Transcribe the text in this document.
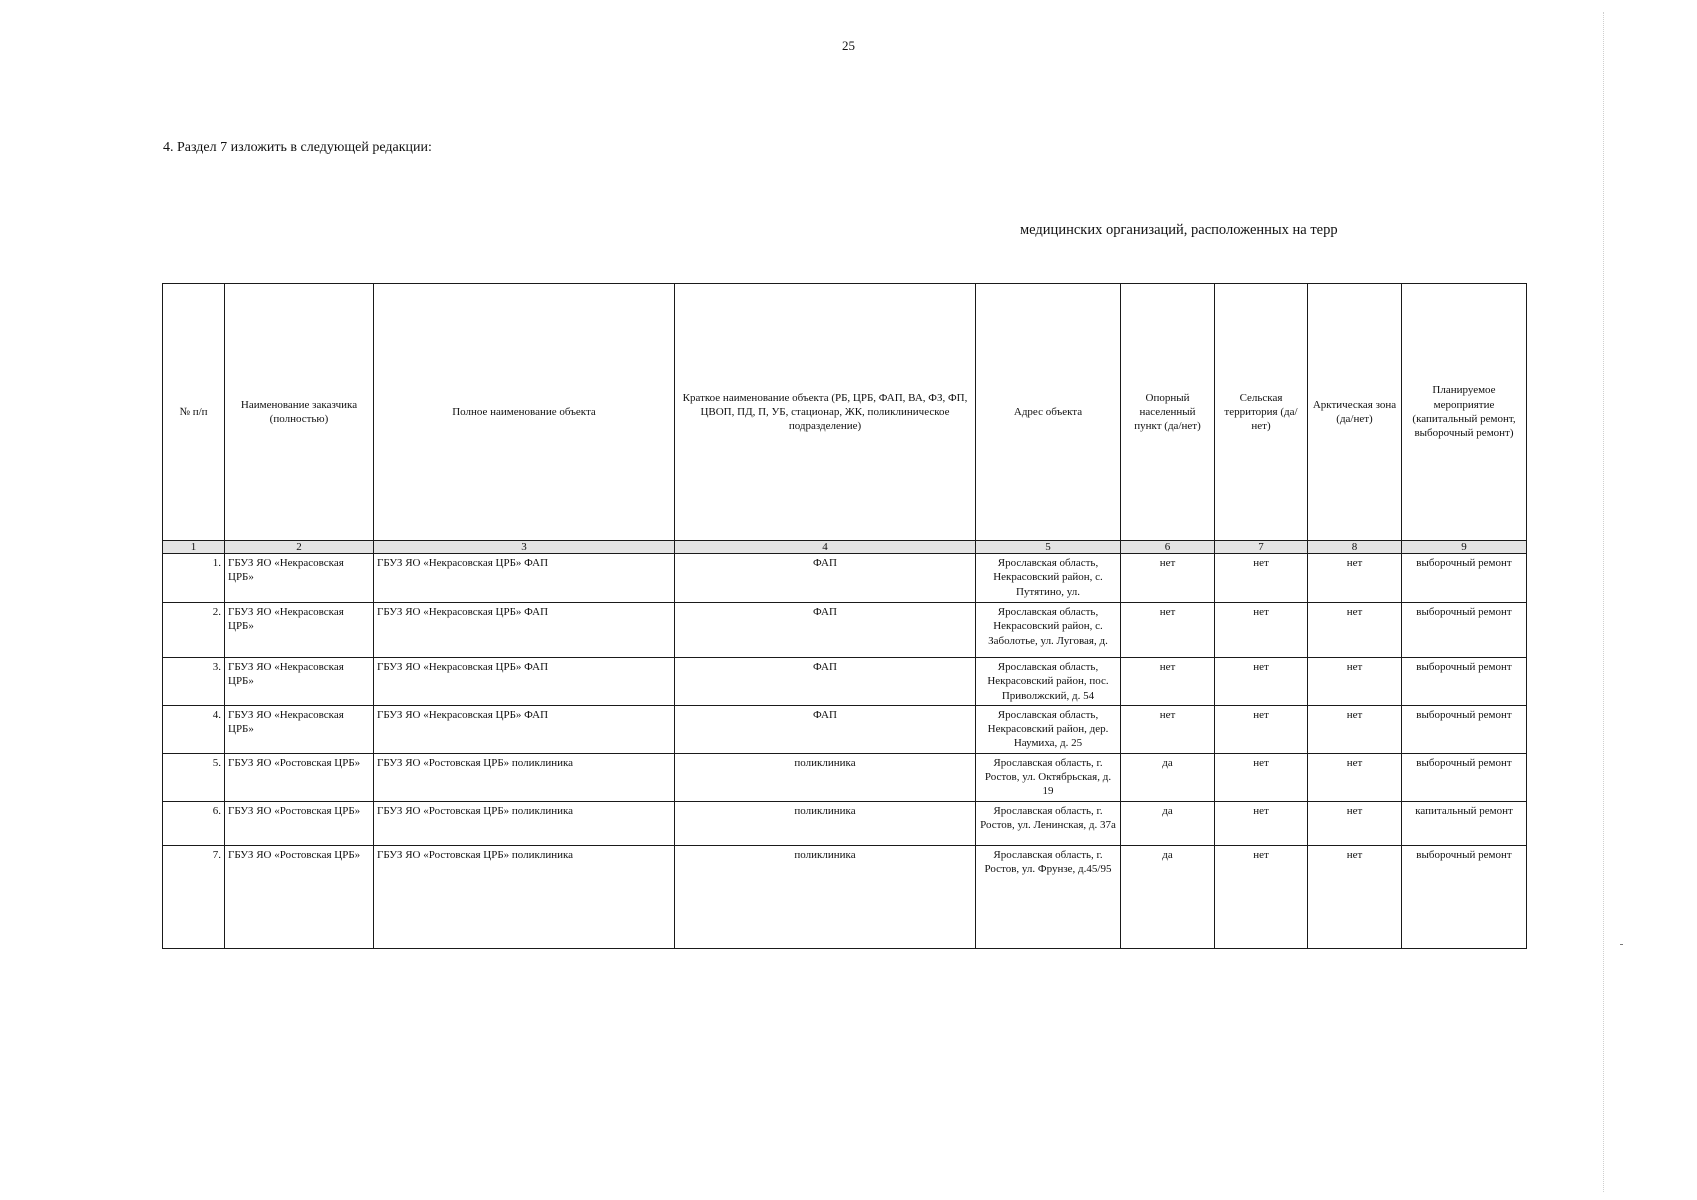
25
4. Раздел 7 изложить в следующей редакции:
медицинских организаций, расположенных на терр
№ п/п	Наименование заказчика (полностью)	Полное наименование объекта	Краткое наименование объекта (РБ, ЦРБ, ФАП, ВА, ФЗ, ФП, ЦВОП, ПД, П, УБ, стационар, ЖК, поликлиническое подразделение)	Адрес объекта	Опорный населенный пункт (да/нет)	Сельская территория (да/нет)	Арктическая зона (да/нет)	Планируемое мероприятие (капитальный ремонт, выборочный ремонт)
1	2	3	4	5	6	7	8	9
1.	ГБУЗ ЯО «Некрасовская ЦРБ»	ГБУЗ ЯО «Некрасовская ЦРБ» ФАП	ФАП	Ярославская область, Некрасовский район, с. Путятино, ул.	нет	нет	нет	выборочный ремонт
2.	ГБУЗ ЯО «Некрасовская ЦРБ»	ГБУЗ ЯО «Некрасовская ЦРБ» ФАП	ФАП	Ярославская область, Некрасовский район, с. Заболотье, ул. Луговая, д.	нет	нет	нет	выборочный ремонт
3.	ГБУЗ ЯО «Некрасовская ЦРБ»	ГБУЗ ЯО «Некрасовская ЦРБ» ФАП	ФАП	Ярославская область, Некрасовский район, пос. Приволжский, д. 54	нет	нет	нет	выборочный ремонт
4.	ГБУЗ ЯО «Некрасовская ЦРБ»	ГБУЗ ЯО «Некрасовская ЦРБ» ФАП	ФАП	Ярославская область, Некрасовский район, дер. Наумиха, д. 25	нет	нет	нет	выборочный ремонт
5.	ГБУЗ ЯО «Ростовская ЦРБ»	ГБУЗ ЯО «Ростовская ЦРБ» поликлиника	поликлиника	Ярославская область, г. Ростов, ул. Октябрьская, д. 19	да	нет	нет	выборочный ремонт
6.	ГБУЗ ЯО «Ростовская ЦРБ»	ГБУЗ ЯО «Ростовская ЦРБ» поликлиника	поликлиника	Ярославская область, г. Ростов, ул. Ленинская, д. 37а	да	нет	нет	капитальный ремонт
7.	ГБУЗ ЯО «Ростовская ЦРБ»	ГБУЗ ЯО «Ростовская ЦРБ» поликлиника	поликлиника	Ярославская область, г. Ростов, ул. Фрунзе, д.45/95	да	нет	нет	выборочный ремонт
